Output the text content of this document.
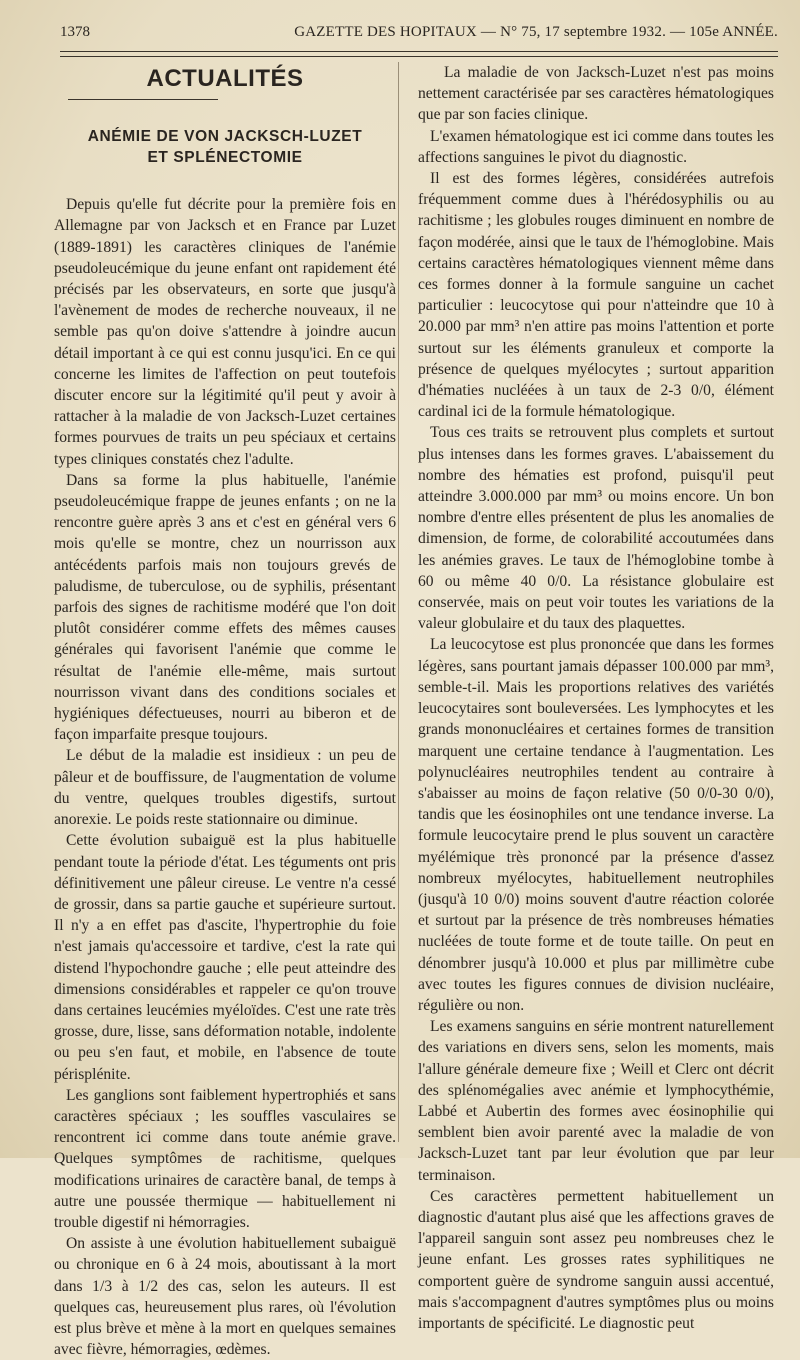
1378	GAZETTE DES HOPITAUX — N° 75, 17 septembre 1932. — 105e ANNÉE.
ACTUALITÉS
ANÉMIE DE VON JACKSCH-LUZET
ET SPLÉNECTOMIE

Depuis qu'elle fut décrite pour la première fois en Allemagne par von Jacksch et en France par Luzet (1889-1891) les caractères cliniques de l'anémie pseudoleucémique du jeune enfant ont rapidement été précisés par les observateurs, en sorte que jusqu'à l'avènement de modes de recherche nouveaux, il ne semble pas qu'on doive s'attendre à joindre aucun détail important à ce qui est connu jusqu'ici. En ce qui concerne les limites de l'affection on peut toutefois discuter encore sur la légitimité qu'il peut y avoir à rattacher à la maladie de von Jacksch-Luzet certaines formes pourvues de traits un peu spéciaux et certains types cliniques constatés chez l'adulte.

Dans sa forme la plus habituelle, l'anémie pseudoleucémique frappe de jeunes enfants ; on ne la rencontre guère après 3 ans et c'est en général vers 6 mois qu'elle se montre, chez un nourrisson aux antécédents parfois mais non toujours grevés de paludisme, de tuberculose, ou de syphilis, présentant parfois des signes de rachitisme modéré que l'on doit plutôt considérer comme effets des mêmes causes générales qui favorisent l'anémie que comme le résultat de l'anémie elle-même, mais surtout nourrisson vivant dans des conditions sociales et hygiéniques défectueuses, nourri au biberon et de façon imparfaite presque toujours.

Le début de la maladie est insidieux : un peu de pâleur et de bouffissure, de l'augmentation de volume du ventre, quelques troubles digestifs, surtout anorexie. Le poids reste stationnaire ou diminue.

Cette évolution subaiguë est la plus habituelle pendant toute la période d'état. Les téguments ont pris définitivement une pâleur cireuse. Le ventre n'a cessé de grossir, dans sa partie gauche et supérieure surtout. Il n'y a en effet pas d'ascite, l'hypertrophie du foie n'est jamais qu'accessoire et tardive, c'est la rate qui distend l'hypochondre gauche ; elle peut atteindre des dimensions considérables et rappeler ce qu'on trouve dans certaines leucémies myéloïdes. C'est une rate très grosse, dure, lisse, sans déformation notable, indolente ou peu s'en faut, et mobile, en l'absence de toute périsplénite.

Les ganglions sont faiblement hypertrophiés et sans caractères spéciaux ; les souffles vasculaires se rencontrent ici comme dans toute anémie grave. Quelques symptômes de rachitisme, quelques modifications urinaires de caractère banal, de temps à autre une poussée thermique — habituellement ni trouble digestif ni hémorragies.

On assiste à une évolution habituellement subaiguë ou chronique en 6 à 24 mois, aboutissant à la mort dans 1/3 à 1/2 des cas, selon les auteurs. Il est quelques cas, heureusement plus rares, où l'évolution est plus brève et mène à la mort en quelques semaines avec fièvre, hémorragies, œdèmes.

La maladie de von Jacksch-Luzet n'est pas moins nettement caractérisée par ses caractères hématologiques que par son facies clinique.

L'examen hématologique est ici comme dans toutes les affections sanguines le pivot du diagnostic.

Il est des formes légères, considérées autrefois fréquemment comme dues à l'hérédosyphilis ou au rachitisme ; les globules rouges diminuent en nombre de façon modérée, ainsi que le taux de l'hémoglobine. Mais certains caractères hématologiques viennent même dans ces formes donner à la formule sanguine un cachet particulier : leucocytose qui pour n'atteindre que 10 à 20.000 par mm³ n'en attire pas moins l'attention et porte surtout sur les éléments granuleux et comporte la présence de quelques myélocytes ; surtout apparition d'hématies nucléées à un taux de 2-3 0/0, élément cardinal ici de la formule hématologique.

Tous ces traits se retrouvent plus complets et surtout plus intenses dans les formes graves. L'abaissement du nombre des hématies est profond, puisqu'il peut atteindre 3.000.000 par mm³ ou moins encore. Un bon nombre d'entre elles présentent de plus les anomalies de dimension, de forme, de colorabilité accoutumées dans les anémies graves. Le taux de l'hémoglobine tombe à 60 ou même 40 0/0. La résistance globulaire est conservée, mais on peut voir toutes les variations de la valeur globulaire et du taux des plaquettes.

La leucocytose est plus prononcée que dans les formes légères, sans pourtant jamais dépasser 100.000 par mm³, semble-t-il. Mais les proportions relatives des variétés leucocytaires sont bouleversées. Les lymphocytes et les grands mononucléaires et certaines formes de transition marquent une certaine tendance à l'augmentation. Les polynucléaires neutrophiles tendent au contraire à s'abaisser au moins de façon relative (50 0/0-30 0/0), tandis que les éosinophiles ont une tendance inverse. La formule leucocytaire prend le plus souvent un caractère myélémique très prononcé par la présence d'assez nombreux myélocytes, habituellement neutrophiles (jusqu'à 10 0/0) moins souvent d'autre réaction colorée et surtout par la présence de très nombreuses hématies nucléées de toute forme et de toute taille. On peut en dénombrer jusqu'à 10.000 et plus par millimètre cube avec toutes les figures connues de division nucléaire, régulière ou non.

Les examens sanguins en série montrent naturellement des variations en divers sens, selon les moments, mais l'allure générale demeure fixe ; Weill et Clerc ont décrit des splénomégalies avec anémie et lymphocythémie, Labbé et Aubertin des formes avec éosinophilie qui semblent bien avoir parenté avec la maladie de von Jacksch-Luzet tant par leur évolution que par leur terminaison.

Ces caractères permettent habituellement un diagnostic d'autant plus aisé que les affections graves de l'appareil sanguin sont assez peu nombreuses chez le jeune enfant. Les grosses rates syphilitiques ne comportent guère de syndrome sanguin aussi accentué, mais s'accompagnent d'autres symptômes plus ou moins importants de spécificité. Le diagnostic peut
